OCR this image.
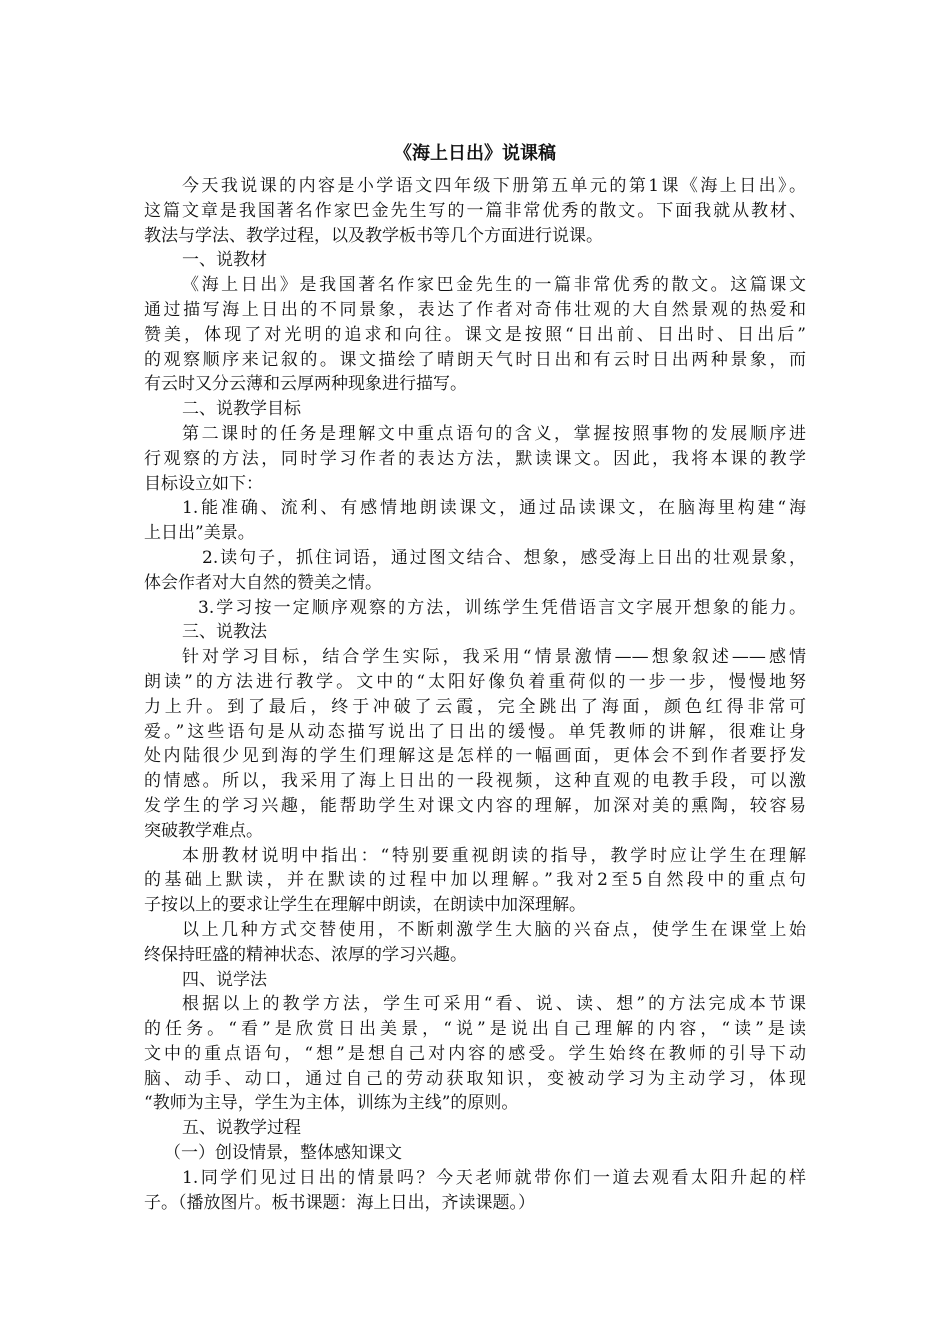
《海上日出》说课稿
今天我说课的内容是小学语文四年级下册第五单元的第1课《海上日出》。
这篇文章是我国著名作家巴金先生写的一篇非常优秀的散文。下面我就从教材、
教法与学法、教学过程，以及教学板书等几个方面进行说课。
一、说教材
《海上日出》是我国著名作家巴金先生的一篇非常优秀的散文。这篇课文
通过描写海上日出的不同景象，表达了作者对奇伟壮观的大自然景观的热爱和
赞美，体现了对光明的追求和向往。课文是按照“日出前、日出时、日出后”
的观察顺序来记叙的。课文描绘了晴朗天气时日出和有云时日出两种景象，而
有云时又分云薄和云厚两种现象进行描写。
二、说教学目标
第二课时的任务是理解文中重点语句的含义，掌握按照事物的发展顺序进
行观察的方法，同时学习作者的表达方法，默读课文。因此，我将本课的教学
目标设立如下：
1.能准确、流利、有感情地朗读课文，通过品读课文，在脑海里构建“海
上日出”美景。
2.读句子，抓住词语，通过图文结合、想象，感受海上日出的壮观景象，
体会作者对大自然的赞美之情。
3.学习按一定顺序观察的方法，训练学生凭借语言文字展开想象的能力。
三、说教法
针对学习目标，结合学生实际，我采用“情景激情——想象叙述——感情
朗读”的方法进行教学。文中的“太阳好像负着重荷似的一步一步，慢慢地努
力上升。到了最后，终于冲破了云霞，完全跳出了海面，颜色红得非常可
爱。”这些语句是从动态描写说出了日出的缓慢。单凭教师的讲解，很难让身
处内陆很少见到海的学生们理解这是怎样的一幅画面，更体会不到作者要抒发
的情感。所以，我采用了海上日出的一段视频，这种直观的电教手段，可以激
发学生的学习兴趣，能帮助学生对课文内容的理解，加深对美的熏陶，较容易
突破教学难点。
本册教材说明中指出：“特别要重视朗读的指导，教学时应让学生在理解
的基础上默读，并在默读的过程中加以理解。”我对2至5自然段中的重点句
子按以上的要求让学生在理解中朗读，在朗读中加深理解。
以上几种方式交替使用，不断刺激学生大脑的兴奋点，使学生在课堂上始
终保持旺盛的精神状态、浓厚的学习兴趣。
四、说学法
根据以上的教学方法，学生可采用“看、说、读、想”的方法完成本节课
的任务。“看”是欣赏日出美景，“说”是说出自己理解的内容，“读”是读
文中的重点语句，“想”是想自己对内容的感受。学生始终在教师的引导下动
脑、动手、动口，通过自己的劳动获取知识，变被动学习为主动学习，体现
“教师为主导，学生为主体，训练为主线”的原则。
五、说教学过程
（一）创设情景，整体感知课文
1.同学们见过日出的情景吗？今天老师就带你们一道去观看太阳升起的样
子。（播放图片。板书课题：海上日出，齐读课题。）
